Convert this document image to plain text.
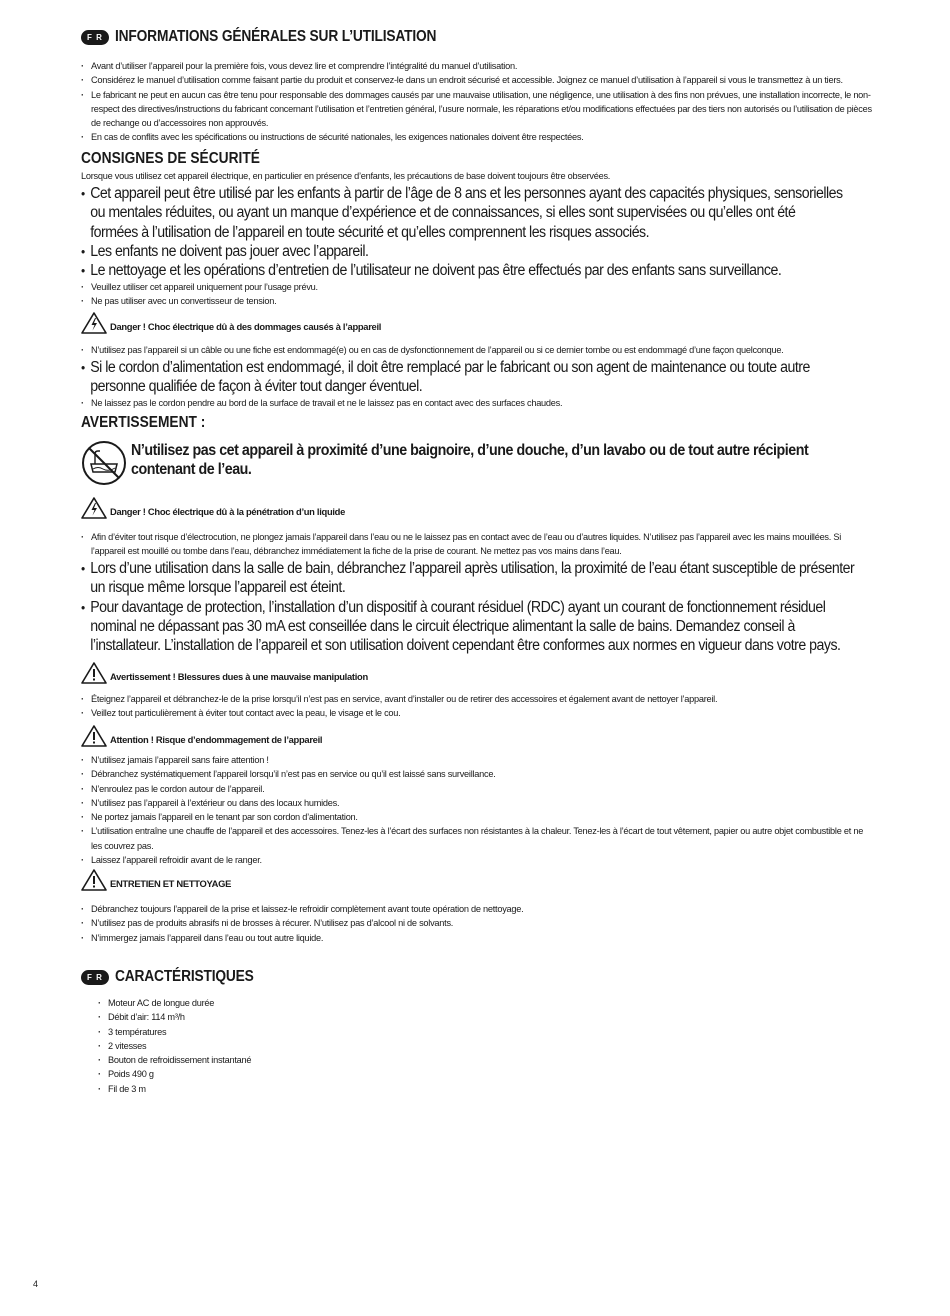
F R INFORMATIONS GÉNÉRALES SUR L’UTILISATION
· Avant d’utiliser l’appareil pour la première fois, vous devez lire et comprendre l’intégralité du manuel d’utilisation.
· Considérez le manuel d’utilisation comme faisant partie du produit et conservez-le dans un endroit sécurisé et accessible. Joignez ce manuel d’utilisation à l’appareil si vous le transmettez à un tiers.
· Le fabricant ne peut en aucun cas être tenu pour responsable des dommages causés par une mauvaise utilisation, une négligence, une utilisation à des fins non prévues, une installation incorrecte, le non-respect des directives/instructions du fabricant concernant l’utilisation et l’entretien général, l’usure normale, les réparations et/ou modifications effectuées par des tiers non autorisés ou l’utilisation de pièces de rechange ou d’accessoires non approuvés.
· En cas de conflits avec les spécifications ou instructions de sécurité nationales, les exigences nationales doivent être respectées.
CONSIGNES DE SÉCURITÉ
Lorsque vous utilisez cet appareil électrique, en particulier en présence d’enfants, les précautions de base doivent toujours être observées.
• Cet appareil peut être utilisé par les enfants à partir de l’âge de 8 ans et les personnes ayant des capacités physiques, sensorielles ou mentales réduites, ou ayant un manque d’expérience et de connaissances, si elles sont supervisées ou qu’elles ont été formées à l’utilisation de l’appareil en toute sécurité et qu’elles comprennent les risques associés.
• Les enfants ne doivent pas jouer avec l’appareil.
• Le nettoyage et les opérations d’entretien de l’utilisateur ne doivent pas être effectués par des enfants sans surveillance.
· Veuillez utiliser cet appareil uniquement pour l’usage prévu.
· Ne pas utiliser avec un convertisseur de tension.
Danger ! Choc électrique dû à des dommages causés à l’appareil
· N’utilisez pas l’appareil si un câble ou une fiche est endommagé(e) ou en cas de dysfonctionnement de l’appareil ou si ce dernier tombe ou est endommagé d’une façon quelconque.
• Si le cordon d’alimentation est endommagé, il doit être remplacé par le fabricant ou son agent de maintenance ou toute autre personne qualifiée de façon à éviter tout danger éventuel.
· Ne laissez pas le cordon pendre au bord de la surface de travail et ne le laissez pas en contact avec des surfaces chaudes.
AVERTISSEMENT :
N’utilisez pas cet appareil à proximité d’une baignoire, d’une douche, d’un lavabo ou de tout autre récipient contenant de l’eau.
Danger ! Choc électrique dû à la pénétration d’un liquide
· Afin d’éviter tout risque d’électrocution, ne plongez jamais l’appareil dans l’eau ou ne le laissez pas en contact avec de l’eau ou d’autres liquides. N’utilisez pas l’appareil avec les mains mouillées. Si l’appareil est mouillé ou tombe dans l’eau, débranchez immédiatement la fiche de la prise de courant. Ne mettez pas vos mains dans l’eau.
• Lors d’une utilisation dans la salle de bain, débranchez l’appareil après utilisation, la proximité de l’eau étant susceptible de présenter un risque même lorsque l’appareil est éteint.
• Pour davantage de protection, l’installation d’un dispositif à courant résiduel (RDC) ayant un courant de fonctionnement résiduel nominal ne dépassant pas 30 mA est conseillée dans le circuit électrique alimentant la salle de bains. Demandez conseil à l’installateur. L’installation de l’appareil et son utilisation doivent cependant être conformes aux normes en vigueur dans votre pays.
Avertissement ! Blessures dues à une mauvaise manipulation
· Éteignez l’appareil et débranchez-le de la prise lorsqu’il n’est pas en service, avant d’installer ou de retirer des accessoires et également avant de nettoyer l’appareil.
· Veillez tout particulièrement à éviter tout contact avec la peau, le visage et le cou.
Attention ! Risque d’endommagement de l’appareil
· N’utilisez jamais l’appareil sans faire attention !
· Débranchez systématiquement l’appareil lorsqu’il n’est pas en service ou qu’il est laissé sans surveillance.
· N’enroulez pas le cordon autour de l’appareil.
· N’utilisez pas l’appareil à l’extérieur ou dans des locaux humides.
· Ne portez jamais l’appareil en le tenant par son cordon d’alimentation.
· L’utilisation entraîne une chauffe de l’appareil et des accessoires. Tenez-les à l’écart des surfaces non résistantes à la chaleur. Tenez-les à l’écart de tout vêtement, papier ou autre objet combustible et ne les couvrez pas.
· Laissez l’appareil refroidir avant de le ranger.
ENTRETIEN ET NETTOYAGE
· Débranchez toujours l’appareil de la prise et laissez-le refroidir complètement avant toute opération de nettoyage.
· N’utilisez pas de produits abrasifs ni de brosses à récurer. N’utilisez pas d’alcool ni de solvants.
· N’immergez jamais l’appareil dans l’eau ou tout autre liquide.
F R CARACTÉRISTIQUES
· Moteur AC de longue durée
· Débit d’air: 114 m³/h
· 3 températures
· 2 vitesses
· Bouton de refroidissement instantané
· Poids 490 g
· Fil de 3 m
4
